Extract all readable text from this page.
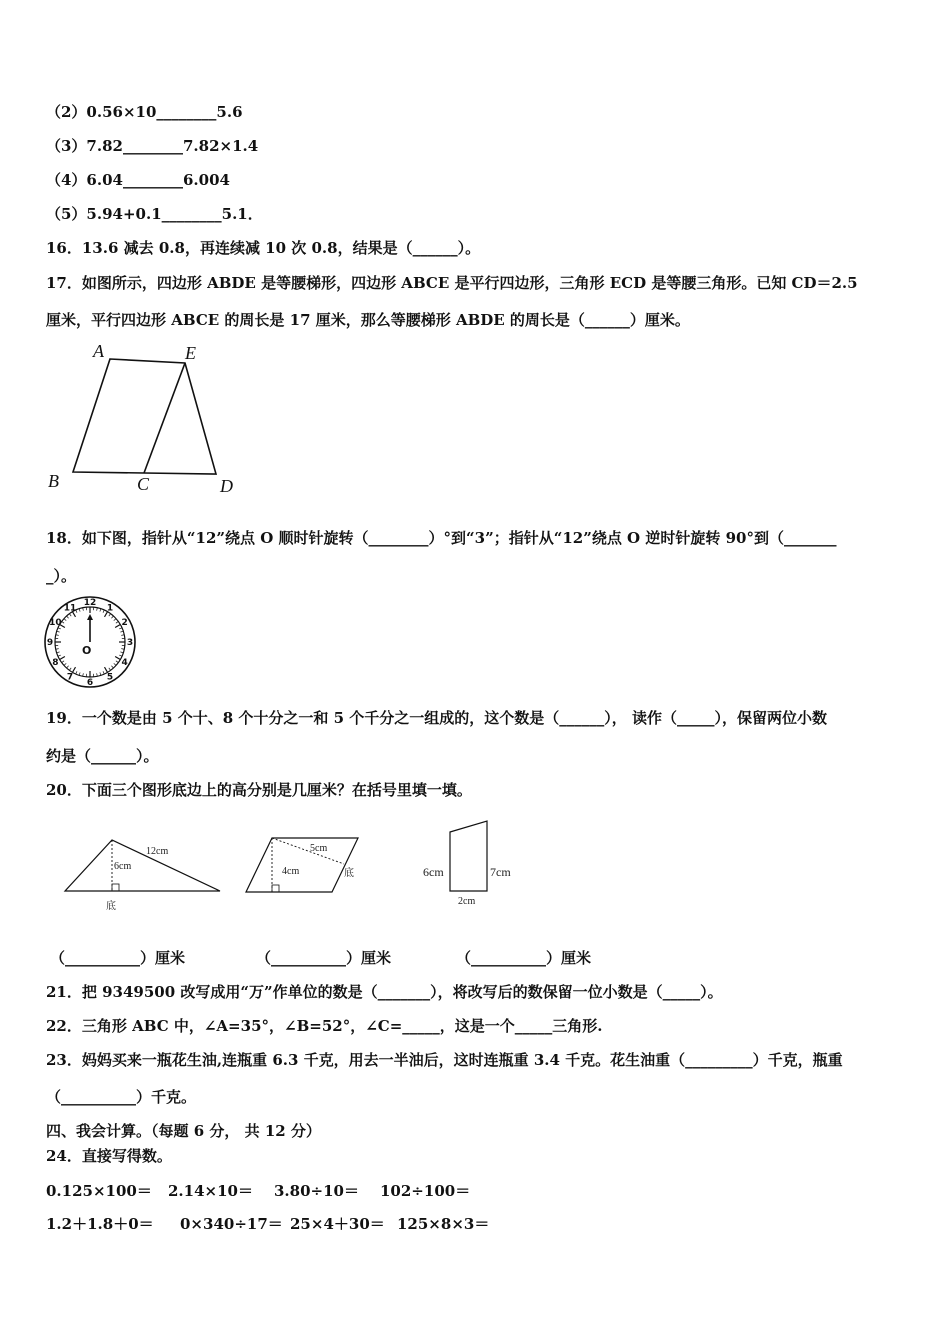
（2）0.56×10________5.6
（3）7.82________7.82×1.4
（4）6.04________6.004
（5）5.94+0.1________5.1．
16．13.6 减去 0.8，再连续减 10 次 0.8，结果是（______）。
17．如图所示，四边形 ABDE 是等腰梯形，四边形 ABCE 是平行四边形，三角形 ECD 是等腰三角形。已知 CD＝2.5
厘米，平行四边形 ABCE 的周长是 17 厘米，那么等腰梯形 ABDE 的周长是（______）厘米。
A	E
B	C	D
18．如下图，指针从“12”绕点 O 顺时针旋转（________）°到“3”；指针从“12”绕点 O 逆时针旋转 90°到（_______
_）。
12
1
2
3
4
5
6
7
8
9
10
11
O
19．一个数是由 5 个十、8 个十分之一和 5 个千分之一组成的，这个数是（______）， 读作（_____），保留两位小数
约是（______）。
20．下面三个图形底边上的高分别是几厘米？在括号里填一填。
6cm
12cm
底
4cm
5cm
底	6cm	7cm
2cm
（__________）厘米	（__________）厘米	（__________）厘米
21．把 9349500 改写成用“万”作单位的数是（_______），将改写后的数保留一位小数是（_____）。
22．三角形 ABC 中，∠A=35°，∠B=52°，∠C=_____，这是一个_____三角形.
23．妈妈买来一瓶花生油,连瓶重 6.3 千克，用去一半油后，这时连瓶重 3.4 千克。花生油重（_________）千克，瓶重
（__________）千克。
四、我会计算。（每题 6 分， 共 12 分）
24．直接写得数。
0.125×100＝ 2.14×10＝ 3.80÷10＝ 102÷100＝
1.2＋1.8＋0＝ 0×340÷17＝ 25×4＋30＝ 125×8×3＝
